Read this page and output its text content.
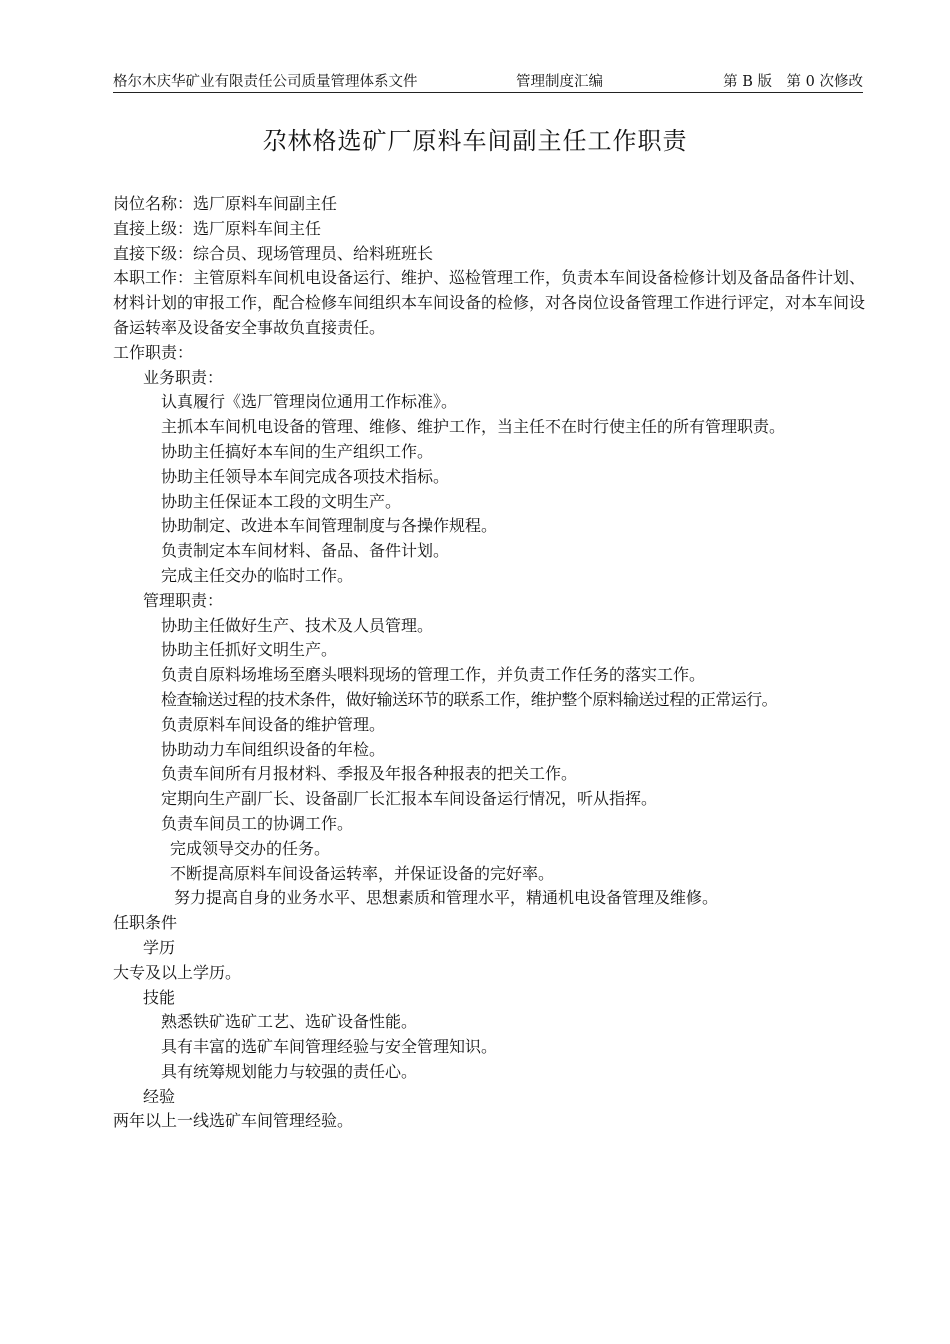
格尔木庆华矿业有限责任公司质量管理体系文件	管理制度汇编	第 B 版　第 0 次修改
尕林格选矿厂原料车间副主任工作职责

岗位名称：选厂原料车间副主任

直接上级：选厂原料车间主任

直接下级：综合员、现场管理员、给料班班长

本职工作：主管原料车间机电设备运行、维护、巡检管理工作，负责本车间设备检修计划及备品备件计划、材料计划的审报工作，配合检修车间组织本车间设备的检修，对各岗位设备管理工作进行评定，对本车间设备运转率及设备安全事故负直接责任。

工作职责：

业务职责：

认真履行《选厂管理岗位通用工作标准》。

主抓本车间机电设备的管理、维修、维护工作，当主任不在时行使主任的所有管理职责。

协助主任搞好本车间的生产组织工作。

协助主任领导本车间完成各项技术指标。

协助主任保证本工段的文明生产。

协助制定、改进本车间管理制度与各操作规程。

负责制定本车间材料、备品、备件计划。

完成主任交办的临时工作。

管理职责：

协助主任做好生产、技术及人员管理。

协助主任抓好文明生产。

负责自原料场堆场至磨头喂料现场的管理工作，并负责工作任务的落实工作。

检查输送过程的技术条件，做好输送环节的联系工作，维护整个原料输送过程的正常运行。

负责原料车间设备的维护管理。

协助动力车间组织设备的年检。

负责车间所有月报材料、季报及年报各种报表的把关工作。

定期向生产副厂长、设备副厂长汇报本车间设备运行情况，听从指挥。

负责车间员工的协调工作。

完成领导交办的任务。

不断提高原料车间设备运转率，并保证设备的完好率。

努力提高自身的业务水平、思想素质和管理水平，精通机电设备管理及维修。

任职条件

学历

大专及以上学历。

技能

熟悉铁矿选矿工艺、选矿设备性能。

具有丰富的选矿车间管理经验与安全管理知识。

具有统筹规划能力与较强的责任心。

经验

两年以上一线选矿车间管理经验。
